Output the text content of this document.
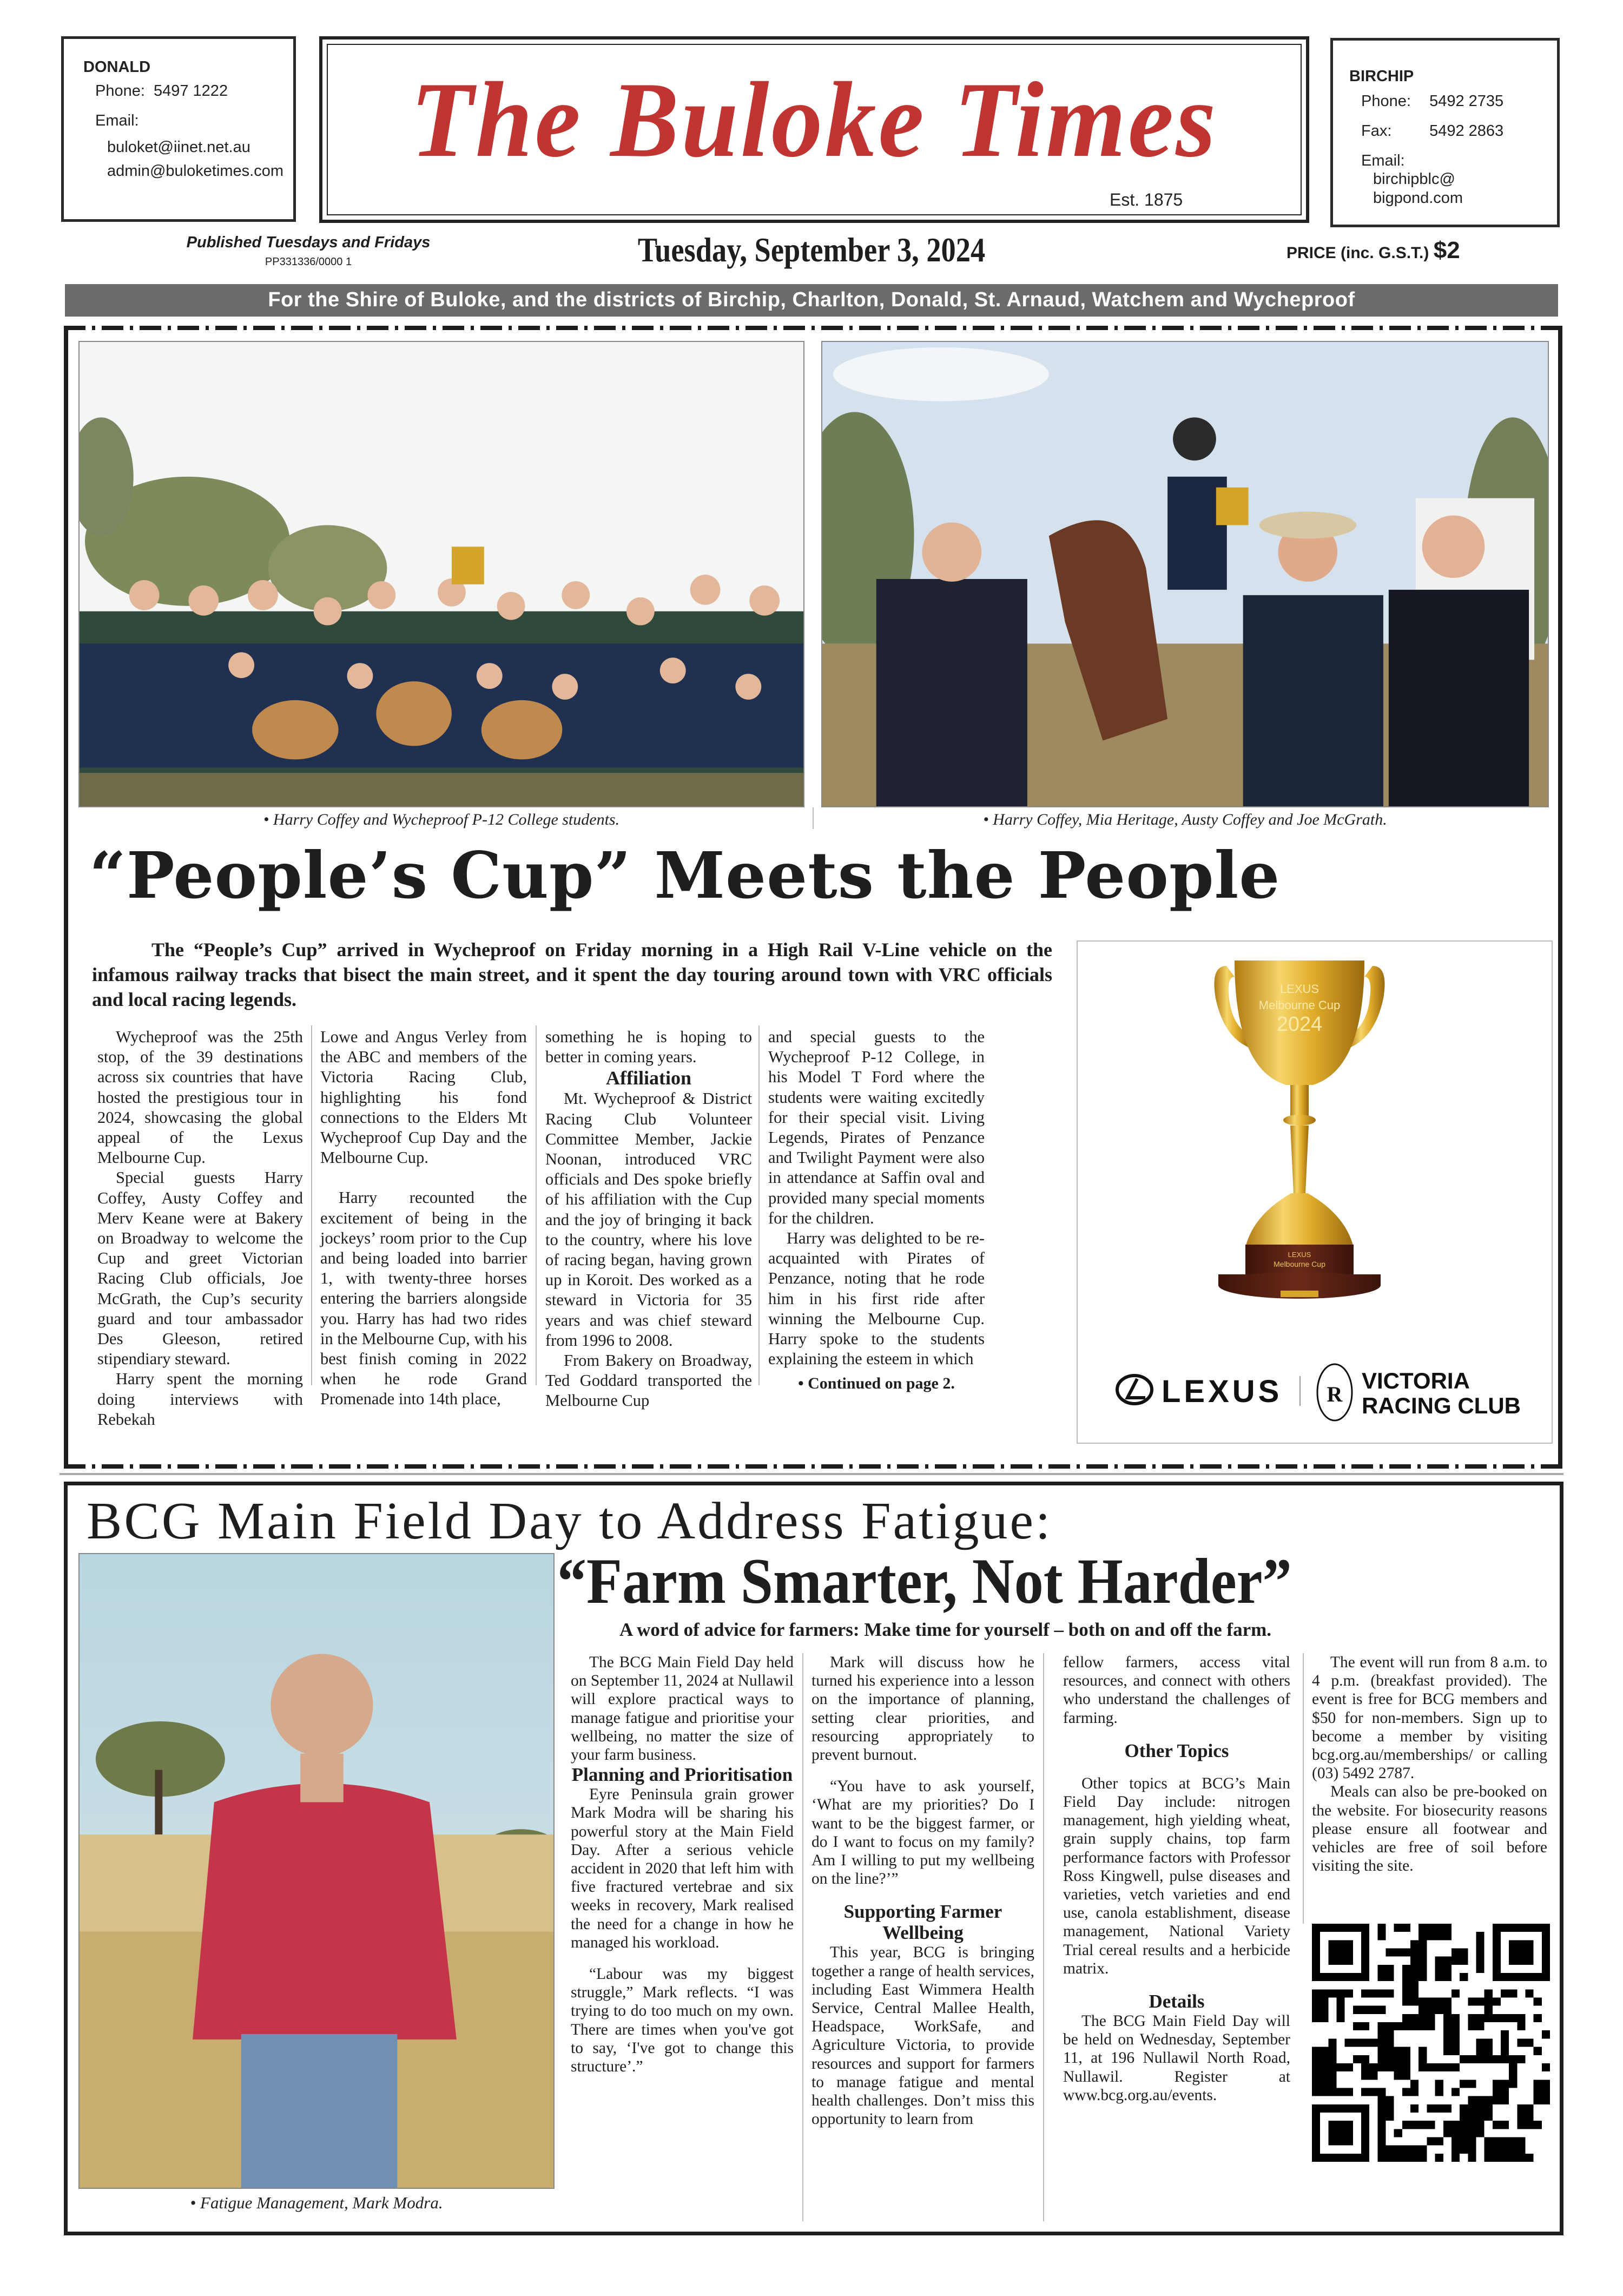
DONALD
Phone: 5497 1222
Email:
buloket@iinet.net.au
admin@buloketimes.com	The Buloke Times
Est. 1875
BIRCHIP
Phone: 5492 2735
Fax: 5492 2863
Email:
birchipblc@
bigpond.com
Published Tuesdays and Fridays
PP331336/0000 1	Tuesday, September 3, 2024	PRICE (inc. G.S.T.) $2
For the Shire of Buloke, and the districts of Birchip, Charlton, Donald, St. Arnaud, Watchem and Wycheproof
• Harry Coffey and Wycheproof P-12 College students.	• Harry Coffey, Mia Heritage, Austy Coffey and Joe McGrath.
“People’s Cup” Meets the People
The “People’s Cup” arrived in Wycheproof on Friday morning in a High Rail V-Line vehicle on the infamous railway tracks that bisect the main street, and it spent the day touring around town with VRC officials and local racing legends.

Wycheproof was the 25th stop, of the 39 destinations across six countries that have hosted the prestigious tour in 2024, showcasing the global appeal of the Lexus Melbourne Cup.

Special guests Harry Coffey, Austy Coffey and Merv Keane were at Bakery on Broadway to welcome the Cup and greet Victorian Racing Club officials, Joe McGrath, the Cup’s security guard and tour ambassador Des Gleeson, retired stipendiary steward.

Harry spent the morning doing interviews with Rebekah

Lowe and Angus Verley from the ABC and members of the Victoria Racing Club, highlighting his fond connections to the Elders Mt Wycheproof Cup Day and the Melbourne Cup.

Harry recounted the excitement of being in the jockeys’ room prior to the Cup and being loaded into barrier 1, with twenty-three horses entering the barriers alongside you. Harry has had two rides in the Melbourne Cup, with his best finish coming in 2022 when he rode Grand Promenade into 14th place,

something he is hoping to better in coming years.

Affiliation

Mt. Wycheproof & District Racing Club Volunteer Committee Member, Jackie Noonan, introduced VRC officials and Des spoke briefly of his affiliation with the Cup and the joy of bringing it back to the country, where his love of racing began, having grown up in Koroit. Des worked as a steward in Victoria for 35 years and was chief steward from 1996 to 2008.

From Bakery on Broadway, Ted Goddard transported the Melbourne Cup

and special guests to the Wycheproof P-12 College, in his Model T Ford where the students were waiting excitedly for their special visit. Living Legends, Pirates of Penzance and Twilight Payment were also in attendance at Saffin oval and provided many special moments for the children.

Harry was delighted to be re-acquainted with Pirates of Penzance, noting that he rode him in his first ride after winning the Melbourne Cup. Harry spoke to the students explaining the esteem in which

• Continued on page 2.
LEXUS
Melbourne Cup
2024
LEXUS
Melbourne Cup
LEXUS R
VICTORIA
RACING CLUB
BCG Main Field Day to Address Fatigue:
“Farm Smarter, Not Harder”
A word of advice for farmers: Make time for yourself – both on and off the farm.
• Fatigue Management, Mark Modra.

The BCG Main Field Day held on September 11, 2024 at Nullawil will explore practical ways to manage fatigue and prioritise your wellbeing, no matter the size of your farm business.

Planning and Prioritisation

Eyre Peninsula grain grower Mark Modra will be sharing his powerful story at the Main Field Day. After a serious vehicle accident in 2020 that left him with five fractured vertebrae and six weeks in recovery, Mark realised the need for a change in how he managed his workload.

“Labour was my biggest struggle,” Mark reflects. “I was trying to do too much on my own. There are times when you've got to say, ‘I've got to change this structure’.”

Mark will discuss how he turned his experience into a lesson on the importance of planning, setting clear priorities, and resourcing appropriately to prevent burnout.

“You have to ask yourself, ‘What are my priorities? Do I want to be the biggest farmer, or do I want to focus on my family? Am I willing to put my wellbeing on the line?’”

Supporting Farmer Wellbeing

This year, BCG is bringing together a range of health services, including East Wimmera Health Service, Central Mallee Health, Headspace, WorkSafe, and Agriculture Victoria, to provide resources and support for farmers to manage fatigue and mental health challenges. Don’t miss this opportunity to learn from

fellow farmers, access vital resources, and connect with others who understand the challenges of farming.

Other Topics

Other topics at BCG’s Main Field Day include: nitrogen management, high yielding wheat, grain supply chains, top farm performance factors with Professor Ross Kingwell, pulse diseases and varieties, vetch varieties and end use, canola establishment, disease management, National Variety Trial cereal results and a herbicide matrix.

Details

The BCG Main Field Day will be held on Wednesday, September 11, at 196 Nullawil North Road, Nullawil. Register at www.bcg.org.au/events.

The event will run from 8 a.m. to 4 p.m. (breakfast provided). The event is free for BCG members and $50 for non-members. Sign up to become a member by visiting bcg.org.au/memberships/ or calling (03) 5492 2787.

Meals can also be pre-booked on the website. For biosecurity reasons please ensure all footwear and vehicles are free of soil before visiting the site.
